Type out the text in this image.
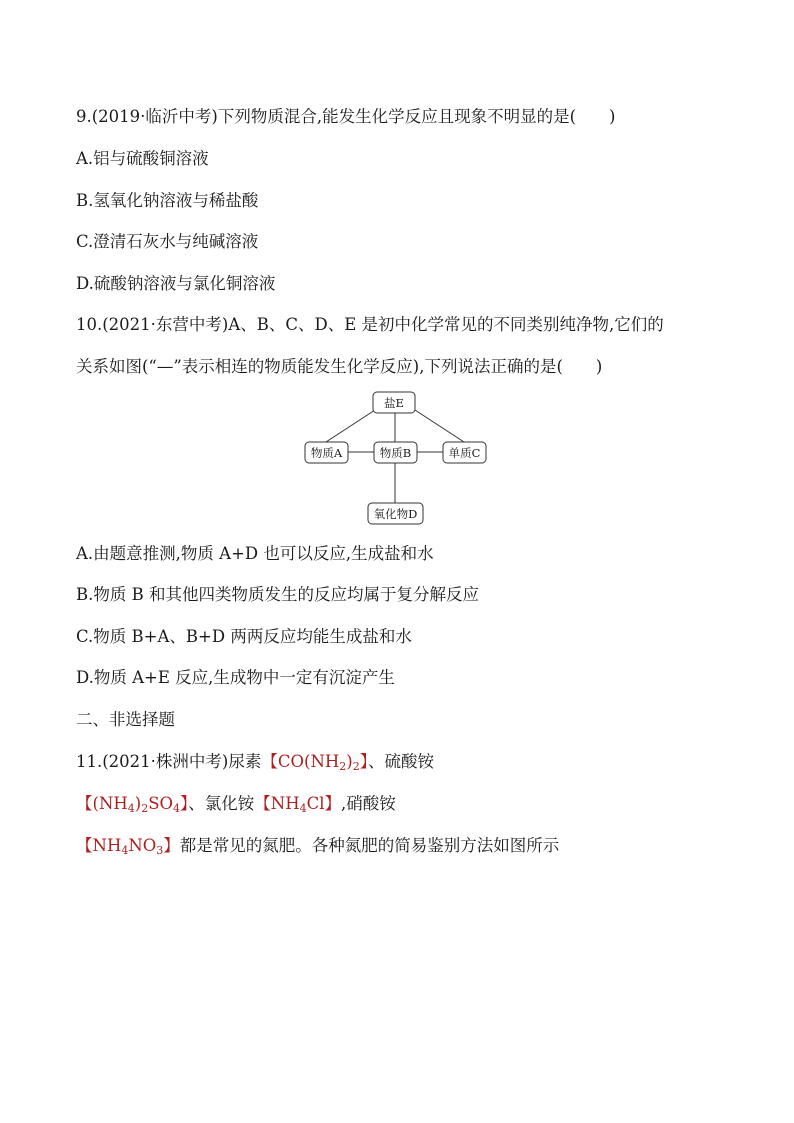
9.(2019·临沂中考)下列物质混合,能发生化学反应且现象不明显的是(　　)
A.铝与硫酸铜溶液
B.氢氧化钠溶液与稀盐酸
C.澄清石灰水与纯碱溶液
D.硫酸钠溶液与氯化铜溶液
10.(2021·东营中考)A、B、C、D、E 是初中化学常见的不同类别纯净物,它们的
关系如图(“—”表示相连的物质能发生化学反应),下列说法正确的是(　　)
盐E
物质A	物质B	单质C
氧化物D
A.由题意推测,物质 A+D 也可以反应,生成盐和水
B.物质 B 和其他四类物质发生的反应均属于复分解反应
C.物质 B+A、B+D 两两反应均能生成盐和水
D.物质 A+E 反应,生成物中一定有沉淀产生
二、非选择题
11.(2021·株洲中考)尿素【$CO(NH_2)_2$】、硫酸铵
【$(NH_4)_2SO_4$】、氯化铵【$NH_4Cl$】,硝酸铵
【$NH_4NO_3$】都是常见的氮肥。各种氮肥的简易鉴别方法如图所示
